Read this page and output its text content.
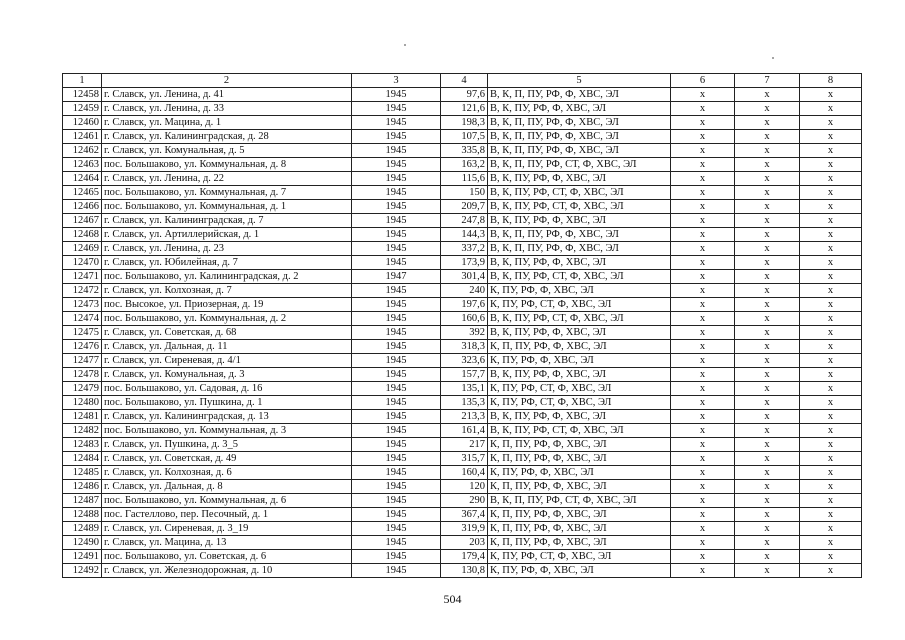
1	2	3	4	5	6	7	8
12458	г. Славск, ул. Ленина, д. 41	1945	97,6	В, К, П, ПУ, РФ, Ф, ХВС, ЭЛ	х	х	х
12459	г. Славск, ул. Ленина, д. 33	1945	121,6	В, К, ПУ, РФ, Ф, ХВС, ЭЛ	х	х	х
12460	г. Славск, ул. Мацина, д. 1	1945	198,3	В, К, П, ПУ, РФ, Ф, ХВС, ЭЛ	х	х	х
12461	г. Славск, ул. Калининградская, д. 28	1945	107,5	В, К, П, ПУ, РФ, Ф, ХВС, ЭЛ	х	х	х
12462	г. Славск, ул. Комунальная, д. 5	1945	335,8	В, К, П, ПУ, РФ, Ф, ХВС, ЭЛ	х	х	х
12463	пос. Большаково, ул. Коммунальная, д. 8	1945	163,2	В, К, П, ПУ, РФ, СТ, Ф, ХВС, ЭЛ	х	х	х
12464	г. Славск, ул. Ленина, д. 22	1945	115,6	В, К, ПУ, РФ, Ф, ХВС, ЭЛ	х	х	х
12465	пос. Большаково, ул. Коммунальная, д. 7	1945	150	В, К, ПУ, РФ, СТ, Ф, ХВС, ЭЛ	х	х	х
12466	пос. Большаково, ул. Коммунальная, д. 1	1945	209,7	В, К, ПУ, РФ, СТ, Ф, ХВС, ЭЛ	х	х	х
12467	г. Славск, ул. Калининградская, д. 7	1945	247,8	В, К, ПУ, РФ, Ф, ХВС, ЭЛ	х	х	х
12468	г. Славск, ул. Артиллерийская, д. 1	1945	144,3	В, К, П, ПУ, РФ, Ф, ХВС, ЭЛ	х	х	х
12469	г. Славск, ул. Ленина, д. 23	1945	337,2	В, К, П, ПУ, РФ, Ф, ХВС, ЭЛ	х	х	х
12470	г. Славск, ул. Юбилейная, д. 7	1945	173,9	В, К, ПУ, РФ, Ф, ХВС, ЭЛ	х	х	х
12471	пос. Большаково, ул. Калининградская, д. 2	1947	301,4	В, К, ПУ, РФ, СТ, Ф, ХВС, ЭЛ	х	х	х
12472	г. Славск, ул. Колхозная, д. 7	1945	240	К, ПУ, РФ, Ф, ХВС, ЭЛ	х	х	х
12473	пос. Высокое, ул. Приозерная, д. 19	1945	197,6	К, ПУ, РФ, СТ, Ф, ХВС, ЭЛ	х	х	х
12474	пос. Большаково, ул. Коммунальная, д. 2	1945	160,6	В, К, ПУ, РФ, СТ, Ф, ХВС, ЭЛ	х	х	х
12475	г. Славск, ул. Советская, д. 68	1945	392	В, К, ПУ, РФ, Ф, ХВС, ЭЛ	х	х	х
12476	г. Славск, ул. Дальная, д. 11	1945	318,3	К, П, ПУ, РФ, Ф, ХВС, ЭЛ	х	х	х
12477	г. Славск, ул. Сиреневая, д. 4/1	1945	323,6	К, ПУ, РФ, Ф, ХВС, ЭЛ	х	х	х
12478	г. Славск, ул. Комунальная, д. 3	1945	157,7	В, К, ПУ, РФ, Ф, ХВС, ЭЛ	х	х	х
12479	пос. Большаково, ул. Садовая, д. 16	1945	135,1	К, ПУ, РФ, СТ, Ф, ХВС, ЭЛ	х	х	х
12480	пос. Большаково, ул. Пушкина, д. 1	1945	135,3	К, ПУ, РФ, СТ, Ф, ХВС, ЭЛ	х	х	х
12481	г. Славск, ул. Калининградская, д. 13	1945	213,3	В, К, ПУ, РФ, Ф, ХВС, ЭЛ	х	х	х
12482	пос. Большаково, ул. Коммунальная, д. 3	1945	161,4	В, К, ПУ, РФ, СТ, Ф, ХВС, ЭЛ	х	х	х
12483	г. Славск, ул. Пушкина, д. 3_5	1945	217	К, П, ПУ, РФ, Ф, ХВС, ЭЛ	х	х	х
12484	г. Славск, ул. Советская, д. 49	1945	315,7	К, П, ПУ, РФ, Ф, ХВС, ЭЛ	х	х	х
12485	г. Славск, ул. Колхозная, д. 6	1945	160,4	К, ПУ, РФ, Ф, ХВС, ЭЛ	х	х	х
12486	г. Славск, ул. Дальная, д. 8	1945	120	К, П, ПУ, РФ, Ф, ХВС, ЭЛ	х	х	х
12487	пос. Большаково, ул. Коммунальная, д. 6	1945	290	В, К, П, ПУ, РФ, СТ, Ф, ХВС, ЭЛ	х	х	х
12488	пос. Гастеллово, пер. Песочный, д. 1	1945	367,4	К, П, ПУ, РФ, Ф, ХВС, ЭЛ	х	х	х
12489	г. Славск, ул. Сиреневая, д. 3_19	1945	319,9	К, П, ПУ, РФ, Ф, ХВС, ЭЛ	х	х	х
12490	г. Славск, ул. Мацина, д. 13	1945	203	К, П, ПУ, РФ, Ф, ХВС, ЭЛ	х	х	х
12491	пос. Большаково, ул. Советская, д. 6	1945	179,4	К, ПУ, РФ, СТ, Ф, ХВС, ЭЛ	х	х	х
12492	г. Славск, ул. Железнодорожная, д. 10	1945	130,8	К, ПУ, РФ, Ф, ХВС, ЭЛ	х	х	х
504
